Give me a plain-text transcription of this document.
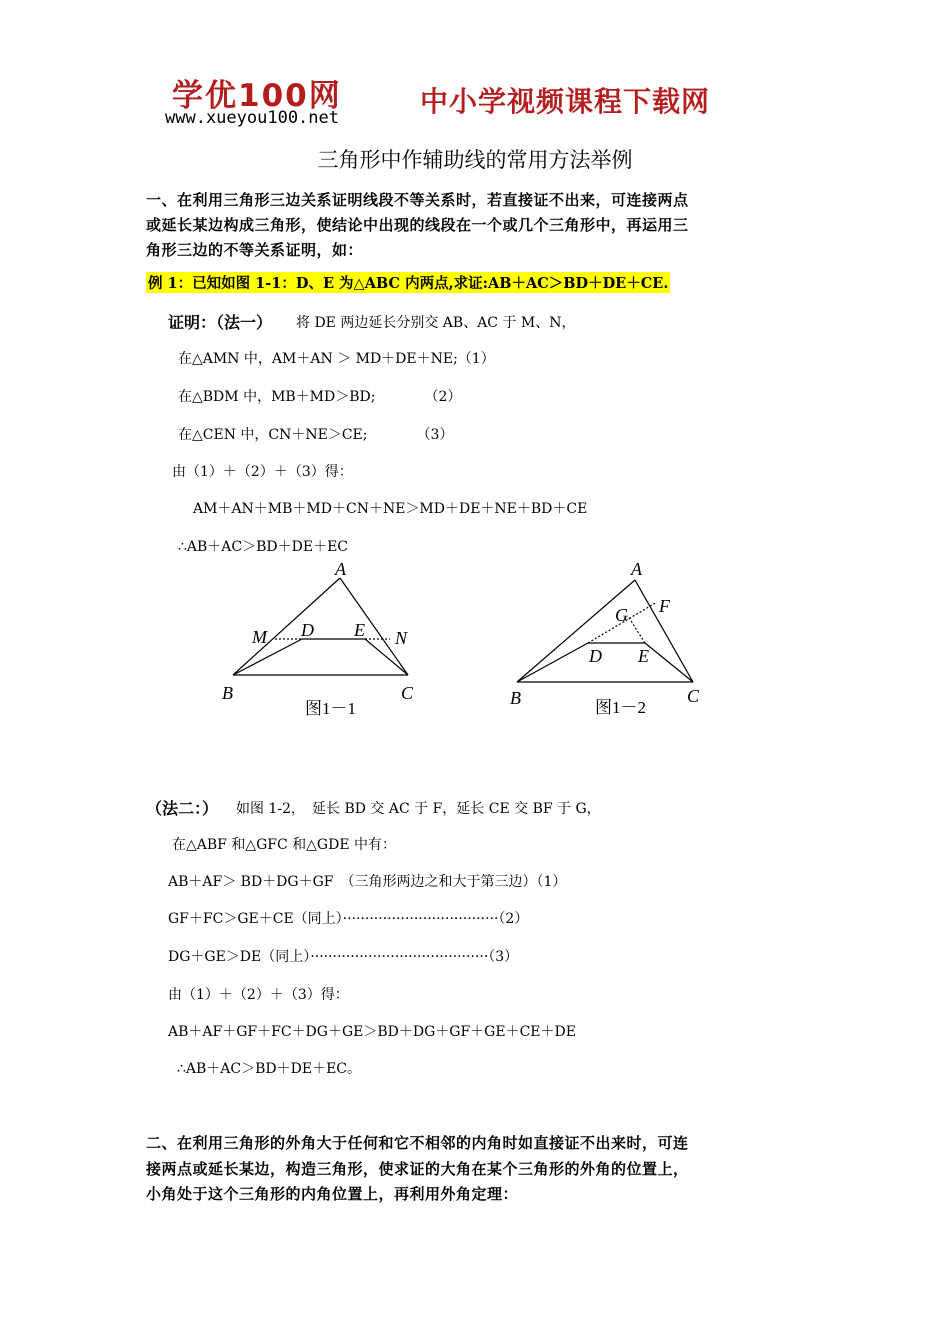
学优100网
www.xueyou100.net	中小学视频课程下载网
三角形中作辅助线的常用方法举例
一、在利用三角形三边关系证明线段不等关系时，若直接证不出来，可连接两点
或延长某边构成三角形，使结论中出现的线段在一个或几个三角形中，再运用三
角形三边的不等关系证明，如：
例 1：已知如图 1-1：D、E 为△ABC 内两点,求证:AB＋AC＞BD＋DE＋CE.
证明：（法一） 将 DE 两边延长分别交 AB、AC 于 M、N，
在△AMN 中，AM＋AN ＞ MD＋DE＋NE;（1）
在△BDM 中，MB＋MD＞BD;　　　　（2）
在△CEN 中，CN＋NE＞CE;　　　　（3）
由（1）＋（2）＋（3）得：
AM＋AN＋MB＋MD＋CN＋NE＞MD＋DE＋NE＋BD＋CE
∴AB＋AC＞BD＋DE＋EC
A
B	C
M	N
D E
图1－1
A
B	C
D E
F
G
图1－2
（法二：） 如图 1-2，　延长 BD 交 AC 于 F，延长 CE 交 BF 于 G，
在△ABF 和△GFC 和△GDE 中有：
AB＋AF＞ BD＋DG＋GF　（三角形两边之和大于第三边）（1）
GF＋FC＞GE＋CE（同上）···································（2）
DG＋GE＞DE（同上）········································（3）
由（1）＋（2）＋（3）得：
AB＋AF＋GF＋FC＋DG＋GE＞BD＋DG＋GF＋GE＋CE＋DE
∴AB＋AC＞BD＋DE＋EC。
二、在利用三角形的外角大于任何和它不相邻的内角时如直接证不出来时，可连
接两点或延长某边，构造三角形，使求证的大角在某个三角形的外角的位置上，
小角处于这个三角形的内角位置上，再利用外角定理：
